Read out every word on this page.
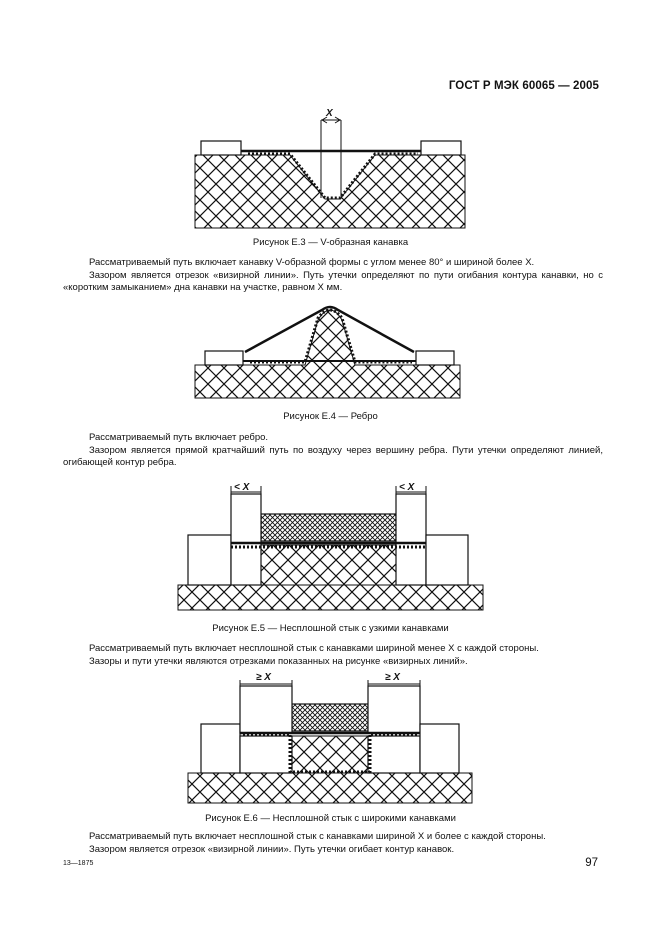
ГОСТ Р МЭК 60065 — 2005
X
Рисунок Е.3 — V-образная канавка

Рассматриваемый путь включает канавку V-образной формы с углом менее 80° и шириной более X.

Зазором является отрезок «визирной линии». Путь утечки определяют по пути огибания контура канавки, но с «коротким замыканием» дна канавки на участке, равном X мм.

Рисунок Е.4 — Ребро

Рассматриваемый путь включает ребро.

Зазором является прямой кратчайший путь по воздуху через вершину ребра. Пути утечки определяют линией, огибающей контур ребра.

< X	< X
Рисунок Е.5 — Несплошной стык с узкими канавками

Рассматриваемый путь включает несплошной стык с канавками шириной менее X с каждой стороны.

Зазоры и пути утечки являются отрезками показанных на рисунке «визирных линий».

≥ X	≥ X
Рисунок Е.6 — Несплошной стык с широкими канавками

Рассматриваемый путь включает несплошной стык с канавками шириной X и более с каждой стороны.

Зазором является отрезок «визирной линии». Путь утечки огибает контур канавок.

13—1875	97
